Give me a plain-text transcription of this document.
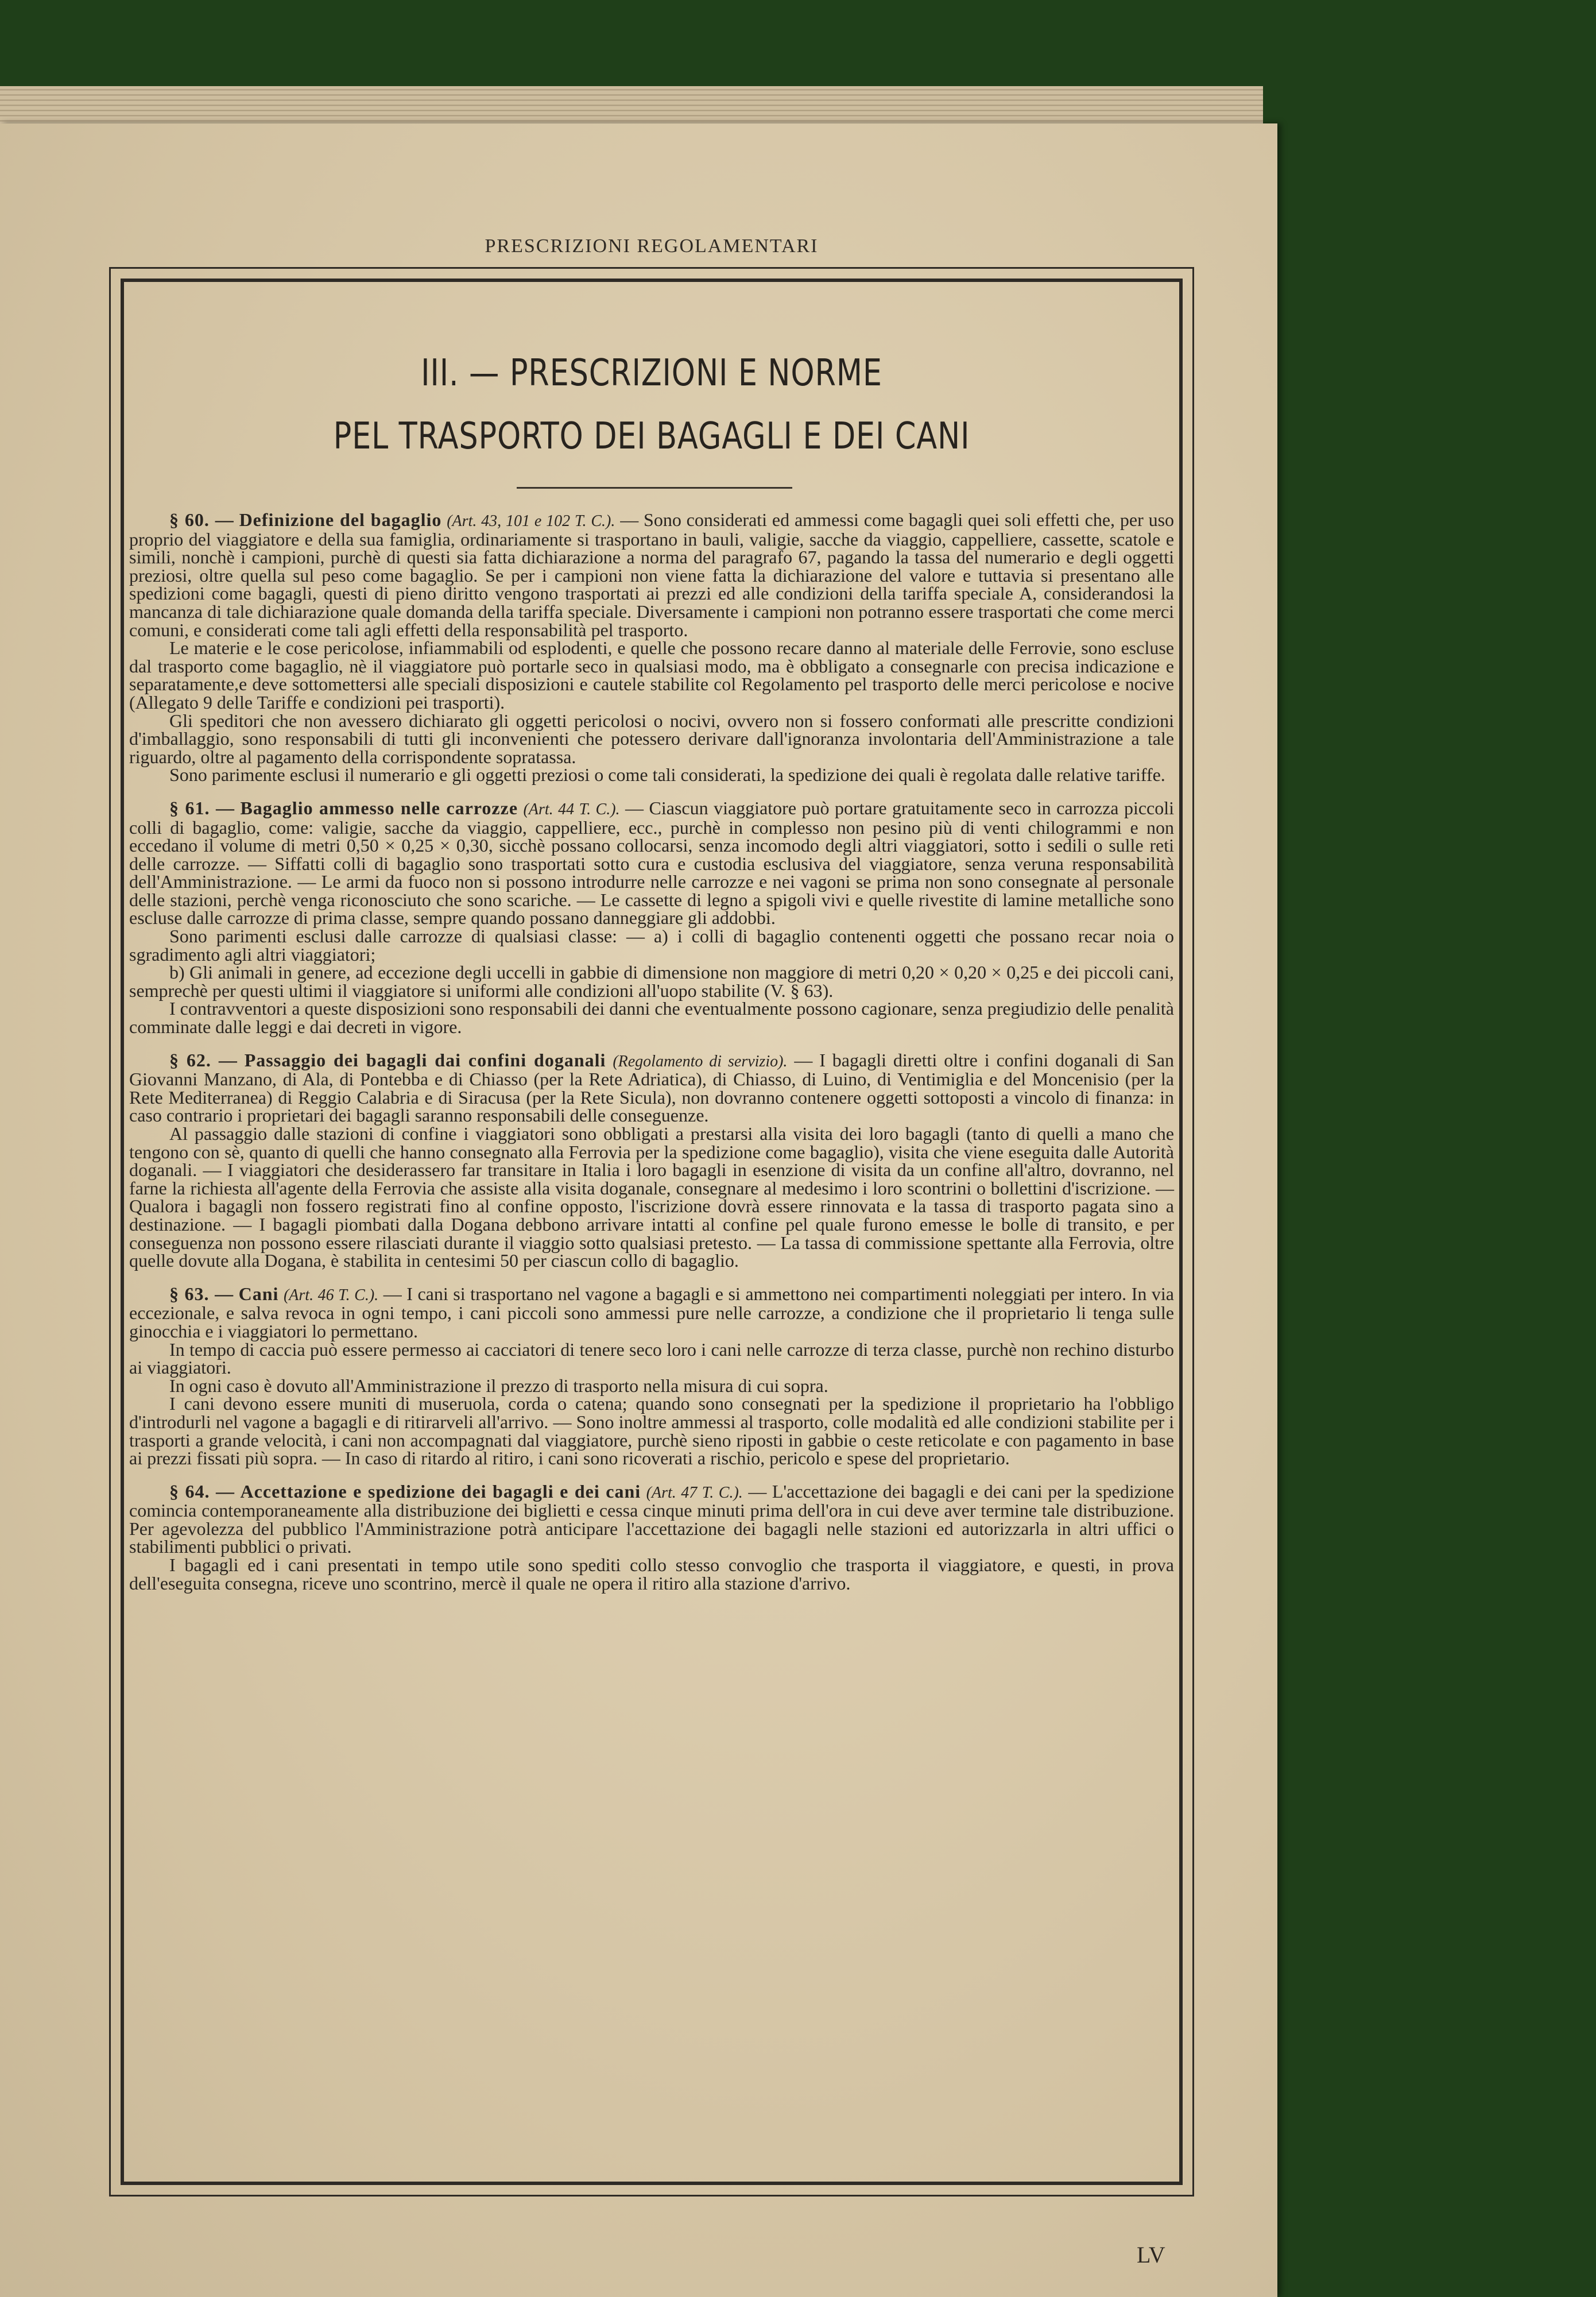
PRESCRIZIONI REGOLAMENTARI
III. — PRESCRIZIONI E NORME
PEL TRASPORTO DEI BAGAGLI E DEI CANI

§ 60. — Definizione del bagaglio (Art. 43, 101 e 102 T. C.). — Sono considerati ed ammessi come bagagli quei soli effetti che, per uso proprio del viaggiatore e della sua famiglia, ordinariamente si trasportano in bauli, valigie, sacche da viaggio, cappelliere, cassette, scatole e simili, nonchè i campioni, purchè di questi sia fatta dichiarazione a norma del paragrafo 67, pagando la tassa del numerario e degli oggetti preziosi, oltre quella sul peso come bagaglio. Se per i campioni non viene fatta la dichiarazione del valore e tuttavia si presentano alle spedizioni come bagagli, questi di pieno diritto vengono trasportati ai prezzi ed alle condizioni della tariffa speciale A, considerandosi la mancanza di tale dichiarazione quale domanda della tariffa speciale. Diversamente i campioni non potranno essere trasportati che come merci comuni, e considerati come tali agli effetti della responsabilità pel trasporto.

Le materie e le cose pericolose, infiammabili od esplodenti, e quelle che possono recare danno al materiale delle Ferrovie, sono escluse dal trasporto come bagaglio, nè il viaggiatore può portarle seco in qualsiasi modo, ma è obbligato a consegnarle con precisa indicazione e separatamente,e deve sottomettersi alle speciali disposizioni e cautele stabilite col Regolamento pel trasporto delle merci pericolose e nocive (Allegato 9 delle Tariffe e condizioni pei trasporti).

Gli speditori che non avessero dichiarato gli oggetti pericolosi o nocivi, ovvero non si fossero conformati alle prescritte condizioni d'imballaggio, sono responsabili di tutti gli inconvenienti che potessero derivare dall'ignoranza involontaria dell'Amministrazione a tale riguardo, oltre al pagamento della corrispondente sopratassa.

Sono parimente esclusi il numerario e gli oggetti preziosi o come tali considerati, la spedizione dei quali è regolata dalle relative tariffe.

§ 61. — Bagaglio ammesso nelle carrozze (Art. 44 T. C.). — Ciascun viaggiatore può portare gratuitamente seco in carrozza piccoli colli di bagaglio, come: valigie, sacche da viaggio, cappelliere, ecc., purchè in complesso non pesino più di venti chilogrammi e non eccedano il volume di metri 0,50 × 0,25 × 0,30, sicchè possano collocarsi, senza incomodo degli altri viaggiatori, sotto i sedili o sulle reti delle carrozze. — Siffatti colli di bagaglio sono trasportati sotto cura e custodia esclusiva del viaggiatore, senza veruna responsabilità dell'Amministrazione. — Le armi da fuoco non si possono introdurre nelle carrozze e nei vagoni se prima non sono consegnate al personale delle stazioni, perchè venga riconosciuto che sono scariche. — Le cassette di legno a spigoli vivi e quelle rivestite di lamine metalliche sono escluse dalle carrozze di prima classe, sempre quando possano danneggiare gli addobbi.

Sono parimenti esclusi dalle carrozze di qualsiasi classe: — a) i colli di bagaglio contenenti oggetti che possano recar noia o sgradimento agli altri viaggiatori;

b) Gli animali in genere, ad eccezione degli uccelli in gabbie di dimensione non maggiore di metri 0,20 × 0,20 × 0,25 e dei piccoli cani, semprechè per questi ultimi il viaggiatore si uniformi alle condizioni all'uopo stabilite (V. § 63).

I contravventori a queste disposizioni sono responsabili dei danni che eventualmente possono cagionare, senza pregiudizio delle penalità comminate dalle leggi e dai decreti in vigore.

§ 62. — Passaggio dei bagagli dai confini doganali (Regolamento di servizio). — I bagagli diretti oltre i confini doganali di San Giovanni Manzano, di Ala, di Pontebba e di Chiasso (per la Rete Adriatica), di Chiasso, di Luino, di Ventimiglia e del Moncenisio (per la Rete Mediterranea) di Reggio Calabria e di Siracusa (per la Rete Sicula), non dovranno contenere oggetti sottoposti a vincolo di finanza: in caso contrario i proprietari dei bagagli saranno responsabili delle conseguenze.

Al passaggio dalle stazioni di confine i viaggiatori sono obbligati a prestarsi alla visita dei loro bagagli (tanto di quelli a mano che tengono con sè, quanto di quelli che hanno consegnato alla Ferrovia per la spedizione come bagaglio), visita che viene eseguita dalle Autorità doganali. — I viaggiatori che desiderassero far transitare in Italia i loro bagagli in esenzione di visita da un confine all'altro, dovranno, nel farne la richiesta all'agente della Ferrovia che assiste alla visita doganale, consegnare al medesimo i loro scontrini o bollettini d'iscrizione. — Qualora i bagagli non fossero registrati fino al confine opposto, l'iscrizione dovrà essere rinnovata e la tassa di trasporto pagata sino a destinazione. — I bagagli piombati dalla Dogana debbono arrivare intatti al confine pel quale furono emesse le bolle di transito, e per conseguenza non possono essere rilasciati durante il viaggio sotto qualsiasi pretesto. — La tassa di commissione spettante alla Ferrovia, oltre quelle dovute alla Dogana, è stabilita in centesimi 50 per ciascun collo di bagaglio.

§ 63. — Cani (Art. 46 T. C.). — I cani si trasportano nel vagone a bagagli e si ammettono nei compartimenti noleggiati per intero. In via eccezionale, e salva revoca in ogni tempo, i cani piccoli sono ammessi pure nelle carrozze, a condizione che il proprietario li tenga sulle ginocchia e i viaggiatori lo permettano.

In tempo di caccia può essere permesso ai cacciatori di tenere seco loro i cani nelle carrozze di terza classe, purchè non rechino disturbo ai viaggiatori.

In ogni caso è dovuto all'Amministrazione il prezzo di trasporto nella misura di cui sopra.

I cani devono essere muniti di museruola, corda o catena; quando sono consegnati per la spedizione il proprietario ha l'obbligo d'introdurli nel vagone a bagagli e di ritirarveli all'arrivo. — Sono inoltre ammessi al trasporto, colle modalità ed alle condizioni stabilite per i trasporti a grande velocità, i cani non accompagnati dal viaggiatore, purchè sieno riposti in gabbie o ceste reticolate e con pagamento in base ai prezzi fissati più sopra. — In caso di ritardo al ritiro, i cani sono ricoverati a rischio, pericolo e spese del proprietario.

§ 64. — Accettazione e spedizione dei bagagli e dei cani (Art. 47 T. C.). — L'accettazione dei bagagli e dei cani per la spedizione comincia contemporaneamente alla distribuzione dei biglietti e cessa cinque minuti prima dell'ora in cui deve aver termine tale distribuzione. Per agevolezza del pubblico l'Amministrazione potrà anticipare l'accettazione dei bagagli nelle stazioni ed autorizzarla in altri uffici o stabilimenti pubblici o privati.

I bagagli ed i cani presentati in tempo utile sono spediti collo stesso convoglio che trasporta il viaggiatore, e questi, in prova dell'eseguita consegna, riceve uno scontrino, mercè il quale ne opera il ritiro alla stazione d'arrivo.

LV
